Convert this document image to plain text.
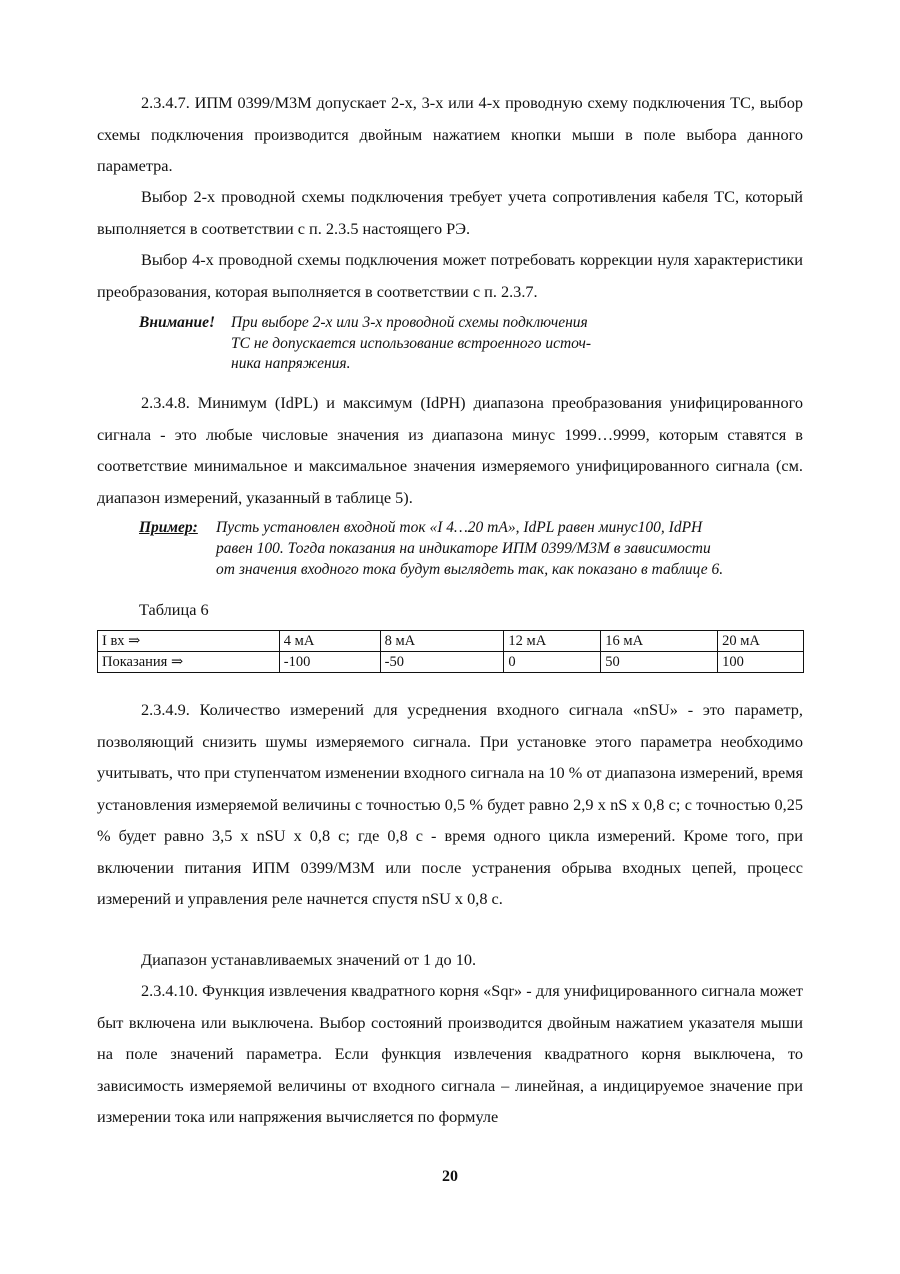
2.3.4.7. ИПМ 0399/М3М допускает 2-х, 3-х или 4-х проводную схему подключения ТС, выбор схемы подключения производится двойным нажатием кнопки мыши в поле выбора данного параметра.

Выбор 2-х проводной схемы подключения требует учета сопротивления кабеля ТС, который выполняется в соответствии с п. 2.3.5 настоящего РЭ.

Выбор 4-х проводной схемы подключения может потребовать коррекции нуля характеристики преобразования, которая выполняется в соответствии с п. 2.3.7.

Внимание! При выборе 2-х или 3-х проводной схемы подключения
ТС не допускается использование встроенного источ-
ника напряжения.

2.3.4.8. Минимум (IdPL) и максимум (IdPH) диапазона преобразования унифицированного сигнала - это любые числовые значения из диапазона минус 1999…9999, которым ставятся в соответствие минимальное и максимальное значения измеряемого унифицированного сигнала (см. диапазон измерений, указанный в таблице 5).

Пример: Пусть установлен входной ток «I 4…20 mA», IdPL равен минус100, IdPH
равен 100. Тогда показания на индикаторе ИПМ 0399/М3М в зависимости
от значения входного тока будут выглядеть так, как показано в таблице 6.
Таблица 6
I вх ⇒	4 мА	8 мА	12 мА	16 мА	20 мА
Показания ⇒	-100	-50	0	50	100

2.3.4.9. Количество измерений для усреднения входного сигнала «nSU» - это параметр, позволяющий снизить шумы измеряемого сигнала. При установке этого параметра необходимо учитывать, что при ступенчатом изменении входного сигнала на 10 % от диапазона измерений, время установления измеряемой величины с точностью 0,5 % будет равно 2,9 х nS х 0,8 с; с точностью 0,25 % будет равно 3,5 х nSU х 0,8 с; где 0,8 с - время одного цикла измерений. Кроме того, при включении питания ИПМ 0399/М3М или после устранения обрыва входных цепей, процесс измерений и управления реле начнется спустя nSU х 0,8 с.

Диапазон устанавливаемых значений от 1 до 10.

2.3.4.10. Функция извлечения квадратного корня «Sqr» - для унифицированного сигнала может быт включена или выключена. Выбор состояний производится двойным нажатием указателя мыши на поле значений параметра. Если функция извлечения квадратного корня выключена, то зависимость измеряемой величины от входного сигнала – линейная, а индицируемое значение при измерении тока или напряжения вычисляется по формуле

20
